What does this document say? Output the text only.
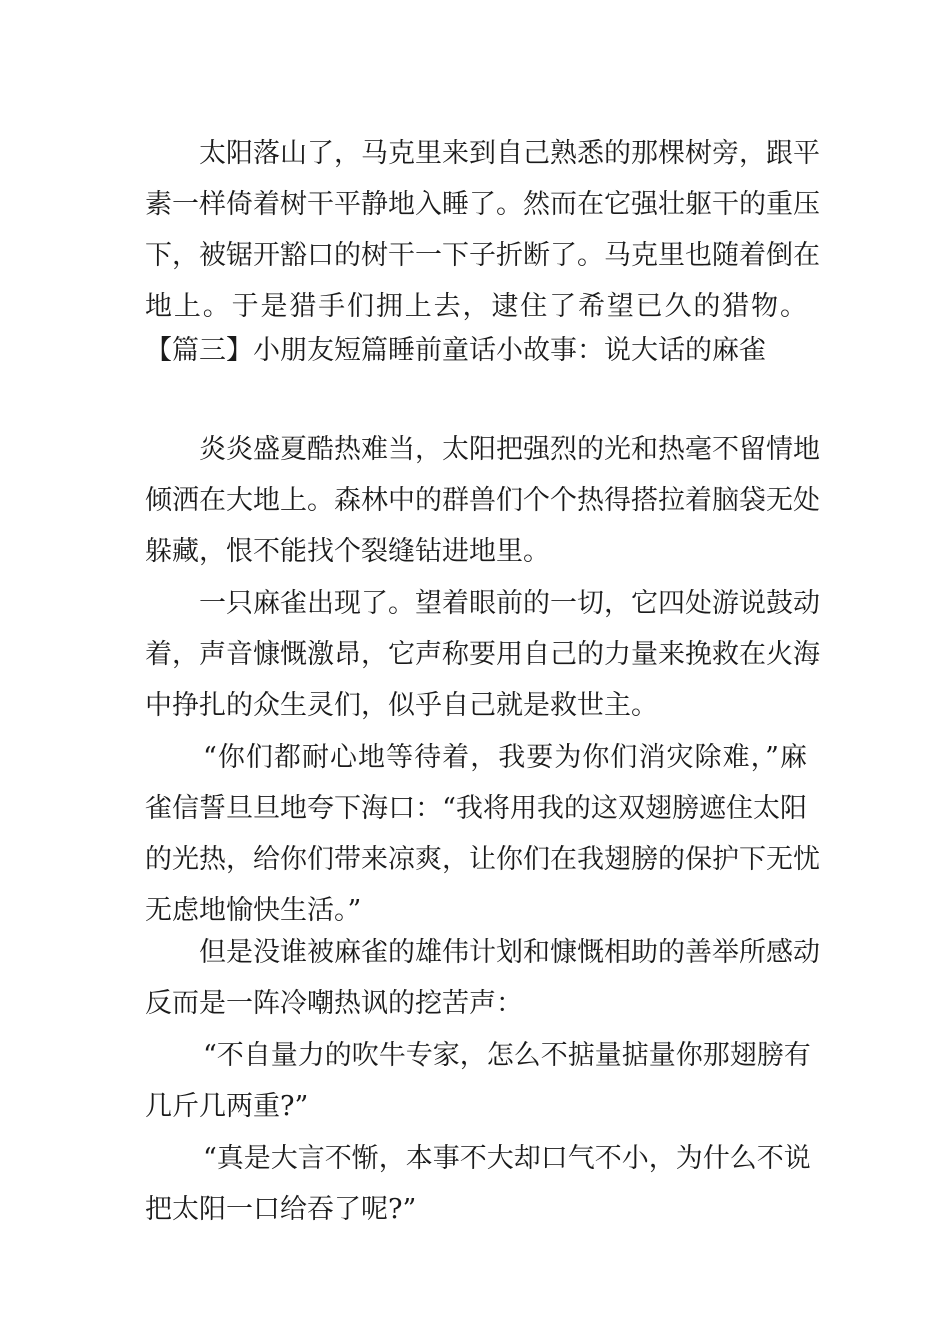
太阳落山了，马克里来到自己熟悉的那棵树旁，跟平
素一样倚着树干平静地入睡了。然而在它强壮躯干的重压
下，被锯开豁口的树干一下子折断了。马克里也随着倒在
地上。于是猎手们拥上去，逮住了希望已久的猎物。
【篇三】小朋友短篇睡前童话小故事：说大话的麻雀
炎炎盛夏酷热难当，太阳把强烈的光和热毫不留情地
倾洒在大地上。森林中的群兽们个个热得搭拉着脑袋无处
躲藏，恨不能找个裂缝钻进地里。
一只麻雀出现了。望着眼前的一切，它四处游说鼓动
着，声音慷慨激昂，它声称要用自己的力量来挽救在火海
中挣扎的众生灵们，似乎自己就是救世主。
“你们都耐心地等待着，我要为你们消灾除难，”麻
雀信誓旦旦地夸下海口：“我将用我的这双翅膀遮住太阳
的光热，给你们带来凉爽，让你们在我翅膀的保护下无忧
无虑地愉快生活。”
但是没谁被麻雀的雄伟计划和慷慨相助的善举所感动
反而是一阵冷嘲热讽的挖苦声：
“不自量力的吹牛专家，怎么不掂量掂量你那翅膀有
几斤几两重?”
“真是大言不惭，本事不大却口气不小，为什么不说
把太阳一口给吞了呢?”
